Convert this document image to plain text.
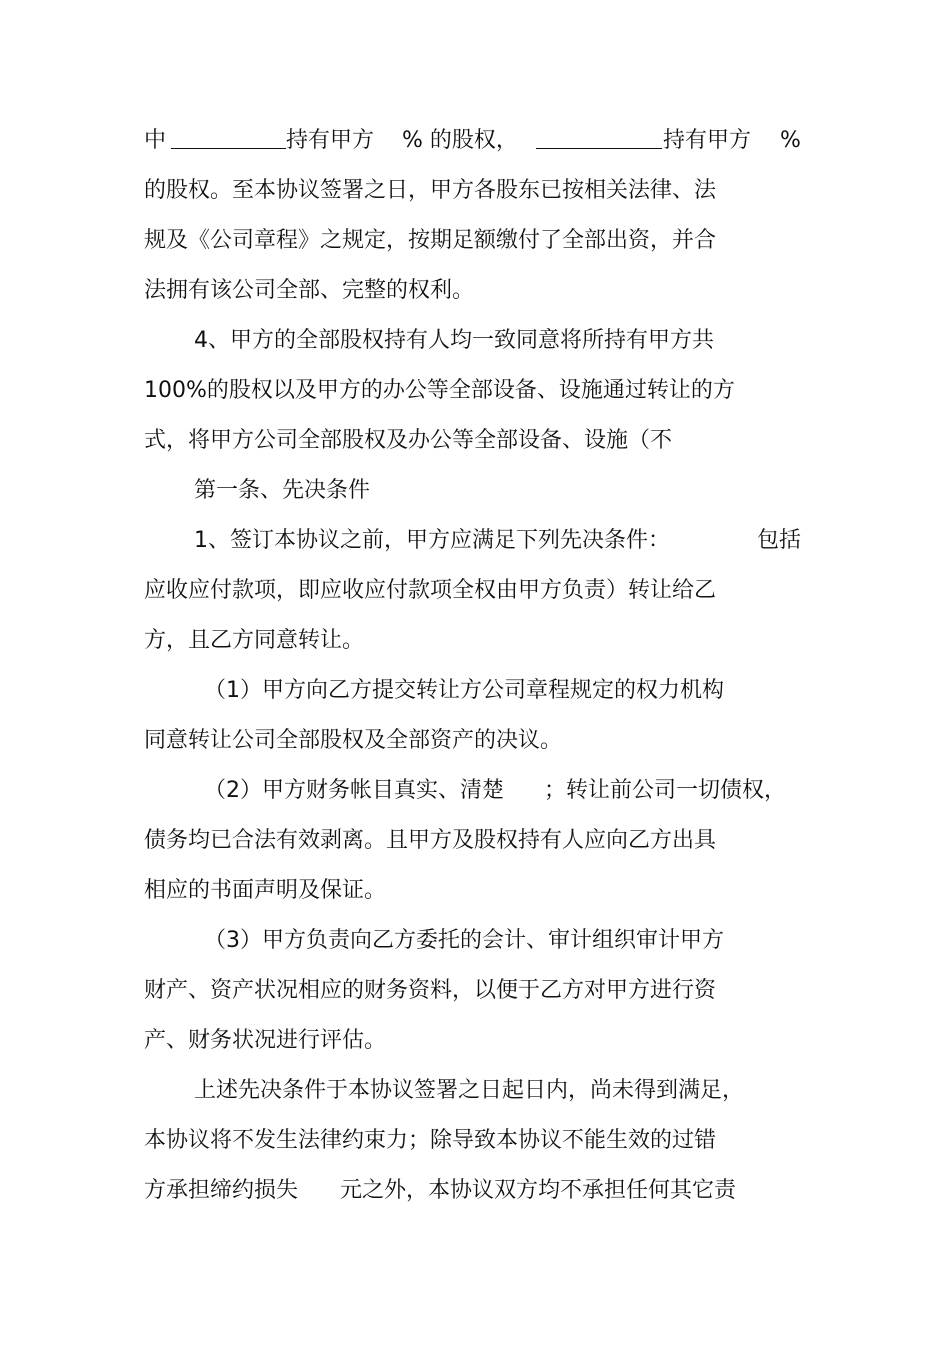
中	持有甲方 % 的股权，	持有甲方 %
的股权。至本协议签署之日，甲方各股东已按相关法律、法
规及《公司章程》之规定，按期足额缴付了全部出资，并合
法拥有该公司全部、完整的权利。
4、甲方的全部股权持有人均一致同意将所持有甲方共
100%的股权以及甲方的办公等全部设备、设施通过转让的方
式，将甲方公司全部股权及办公等全部设备、设施（不
第一条、先决条件
1、签订本协议之前，甲方应满足下列先决条件：	包括
应收应付款项，即应收应付款项全权由甲方负责）转让给乙
方，且乙方同意转让。
（1）甲方向乙方提交转让方公司章程规定的权力机构
同意转让公司全部股权及全部资产的决议。
（2）甲方财务帐目真实、清楚 ；转让前公司一切债权，
债务均已合法有效剥离。且甲方及股权持有人应向乙方出具
相应的书面声明及保证。
（3）甲方负责向乙方委托的会计、审计组织审计甲方
财产、资产状况相应的财务资料，以便于乙方对甲方进行资
产、财务状况进行评估。
上述先决条件于本协议签署之日起日内，尚未得到满足，
本协议将不发生法律约束力；除导致本协议不能生效的过错
方承担缔约损失 元之外，本协议双方均不承担任何其它责
